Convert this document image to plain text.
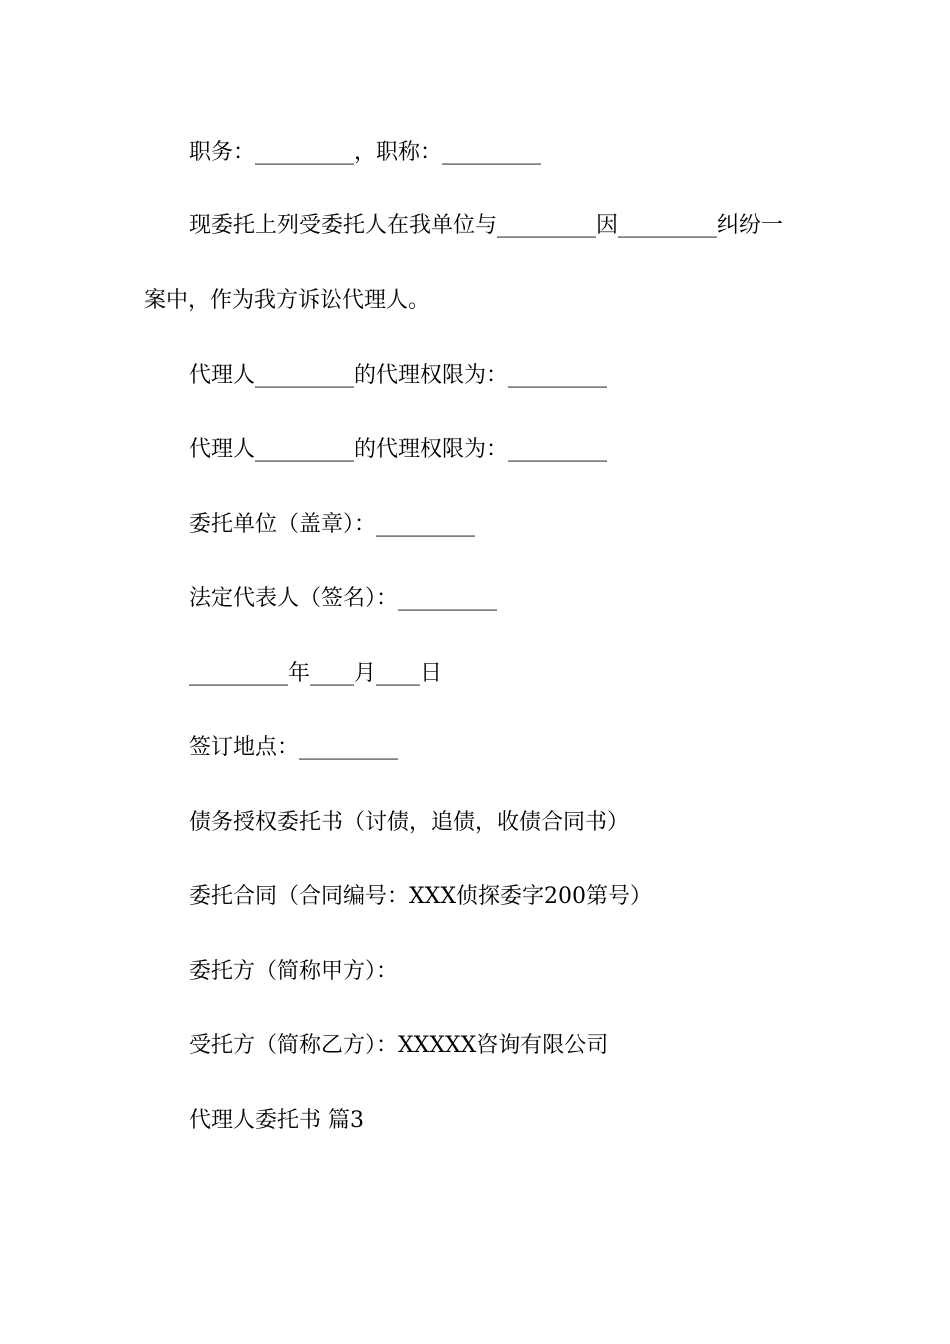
职务：_________，职称：_________
现委托上列受委托人在我单位与_________因_________纠纷一
案中，作为我方诉讼代理人。
代理人_________的代理权限为：_________
代理人_________的代理权限为：_________
委托单位（盖章）：_________
法定代表人（签名）：_________
_________年____月____日
签订地点：_________
债务授权委托书（讨债，追债，收债合同书）
委托合同（合同编号：XXX侦探委字200第号）
委托方（简称甲方）：
受托方（简称乙方）：XXXXX咨询有限公司
代理人委托书 篇3
